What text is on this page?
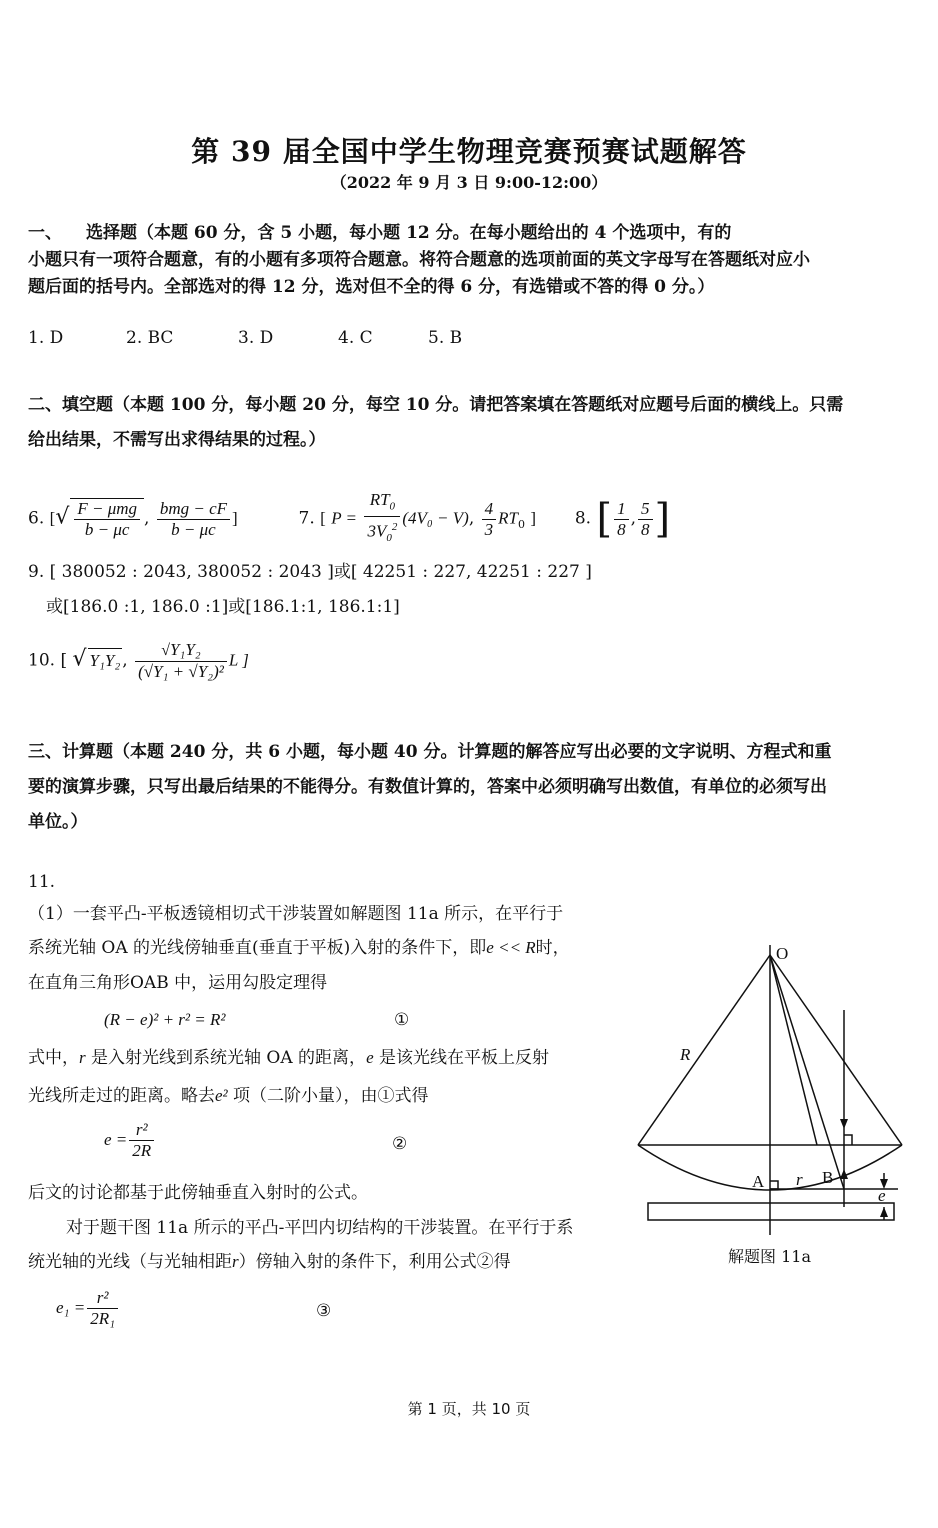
第 39 届全国中学生物理竞赛预赛试题解答
（2022 年 9 月 3 日 9:00-12:00）
一、 选择题（本题 60 分，含 5 小题，每小题 12 分。在每小题给出的 4 个选项中，有的
小题只有一项符合题意，有的小题有多项符合题意。将符合题意的选项前面的英文字母写在答题纸对应小
题后面的括号内。全部选对的得 12 分，选对但不全的得 6 分，有选错或不答的得 0 分。）
1. D	2. BC	3. D	4. C	5. B
二、填空题（本题 100 分，每小题 20 分，每空 10 分。请把答案填在答题纸对应题号后面的横线上。只需
给出结果，不需写出求得结果的过程。）
6. [√ $\frac{\text{F − μmg}}{b - \mu c}$ , $\frac{\text{bmg − cF}}{b - \mu c}$ ]	7. [ $P = \frac{RT_0}{3V_0^2} (4V_0 - V)$, $\frac{4}{3} RT_0$ ] 8. [ $\frac{1}{8}$ , $\frac{5}{8}$ ]
9. [ 380052 : 2043, 380052 : 2043 ]或[ 42251 : 227, 42251 : 227 ]
或[186.0 :1, 186.0 :1]或[186.1:1, 186.1:1]
10. [ √ Y₁Y₂ , $\frac{\text{√Y₁Y₂}}{\text{(√Y₁ + √Y₂)²}}$ L ]
三、计算题（本题 240 分，共 6 小题，每小题 40 分。计算题的解答应写出必要的文字说明、方程式和重
要的演算步骤，只写出最后结果的不能得分。有数值计算的，答案中必须明确写出数值，有单位的必须写出
单位。）
11.
（1）一套平凸-平板透镜相切式干涉装置如解题图 11a 所示，在平行于
系统光轴 OA 的光线傍轴垂直(垂直于平板)入射的条件下，即e << R时，
在直角三角形OAB 中，运用勾股定理得
(R − e)² + r² = R²	①
式中，r 是入射光线到系统光轴 OA 的距离，e 是该光线在平板上反射
光线所走过的距离。略去e² 项（二阶小量），由①式得
$e = \frac{\text{r²}}{2R}$	②
后文的讨论都基于此傍轴垂直入射时的公式。
对于题干图 11a 所示的平凸-平凹内切结构的干涉装置。在平行于系
统光轴的光线（与光轴相距r）傍轴入射的条件下，利用公式②得
$e_1 = \frac{\text{r²}}{\text{2R₁}}$	③
O
R
A r B
e
解题图 11a
第 1 页，共 10 页
